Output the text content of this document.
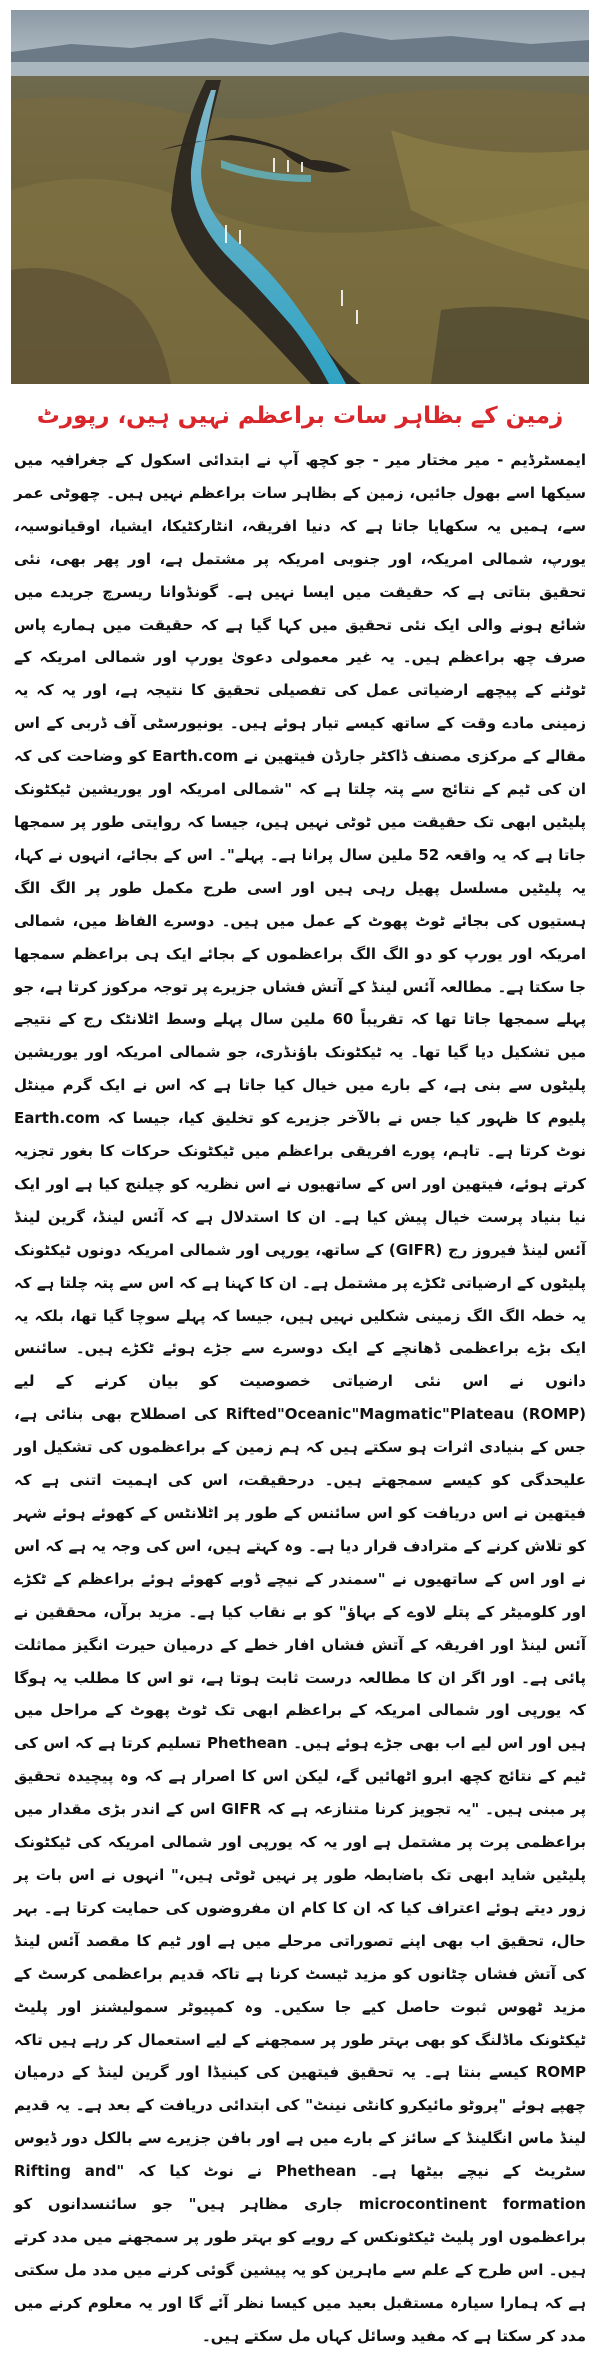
زمین کے بظاہر سات براعظم نہیں ہیں، رپورٹ

ایمسٹرڈیم - میر مختار میر - جو کچھ آپ نے ابتدائی اسکول کے جغرافیہ میں سیکھا اسے بھول جائیں، زمین کے بظاہر سات براعظم نہیں ہیں۔ چھوٹی عمر سے، ہمیں یہ سکھایا جاتا ہے کہ دنیا افریقہ، انٹارکٹیکا، ایشیا، اوقیانوسیہ، یورپ، شمالی امریکہ، اور جنوبی امریکہ پر مشتمل ہے، اور پھر بھی، نئی تحقیق بتاتی ہے کہ حقیقت میں ایسا نہیں ہے۔ گونڈوانا ریسرچ جریدے میں شائع ہونے والی ایک نئی تحقیق میں کہا گیا ہے کہ حقیقت میں ہمارے پاس صرف چھ براعظم ہیں۔ یہ غیر معمولی دعویٰ یورپ اور شمالی امریکہ کے ٹوٹنے کے پیچھے ارضیاتی عمل کی تفصیلی تحقیق کا نتیجہ ہے، اور یہ کہ یہ زمینی مادے وقت کے ساتھ کیسے تیار ہوئے ہیں۔ یونیورسٹی آف ڈربی کے اس مقالے کے مرکزی مصنف ڈاکٹر جارڈن فیتھین نے Earth.com کو وضاحت کی کہ ان کی ٹیم کے نتائج سے پتہ چلتا ہے کہ "شمالی امریکہ اور یوریشین ٹیکٹونک پلیٹیں ابھی تک حقیقت میں ٹوٹی نہیں ہیں، جیسا کہ روایتی طور پر سمجھا جاتا ہے کہ یہ واقعہ 52 ملین سال پرانا ہے۔ پہلے"۔ اس کے بجائے، انہوں نے کہا، یہ پلیٹیں مسلسل پھیل رہی ہیں اور اسی طرح مکمل طور پر الگ الگ ہستیوں کی بجائے ٹوٹ پھوٹ کے عمل میں ہیں۔ دوسرے الفاظ میں، شمالی امریکہ اور یورپ کو دو الگ الگ براعظموں کے بجائے ایک ہی براعظم سمجھا جا سکتا ہے۔ مطالعہ آئس لینڈ کے آتش فشاں جزیرے پر توجہ مرکوز کرتا ہے، جو پہلے سمجھا جاتا تھا کہ تقریباً 60 ملین سال پہلے وسط اٹلانٹک رج کے نتیجے میں تشکیل دیا گیا تھا۔ یہ ٹیکٹونک باؤنڈری، جو شمالی امریکہ اور یوریشین پلیٹوں سے بنی ہے، کے بارے میں خیال کیا جاتا ہے کہ اس نے ایک گرم مینٹل پلیوم کا ظہور کیا جس نے بالآخر جزیرے کو تخلیق کیا، جیسا کہ Earth.com نوٹ کرتا ہے۔ تاہم، پورے افریقی براعظم میں ٹیکٹونک حرکات کا بغور تجزیہ کرتے ہوئے، فیتھین اور اس کے ساتھیوں نے اس نظریہ کو چیلنج کیا ہے اور ایک نیا بنیاد پرست خیال پیش کیا ہے۔ ان کا استدلال ہے کہ آئس لینڈ، گرین لینڈ آئس لینڈ فیروز رج (GIFR) کے ساتھ، یورپی اور شمالی امریکہ دونوں ٹیکٹونک پلیٹوں کے ارضیاتی ٹکڑے پر مشتمل ہے۔ ان کا کہنا ہے کہ اس سے پتہ چلتا ہے کہ یہ خطہ الگ الگ زمینی شکلیں نہیں ہیں، جیسا کہ پہلے سوچا گیا تھا، بلکہ یہ ایک بڑے براعظمی ڈھانچے کے ایک دوسرے سے جڑے ہوئے ٹکڑے ہیں۔ سائنس دانوں نے اس نئی ارضیاتی خصوصیت کو بیان کرنے کے لیے Rifted"Oceanic"Magmatic"Plateau (ROMP) کی اصطلاح بھی بنائی ہے، جس کے بنیادی اثرات ہو سکتے ہیں کہ ہم زمین کے براعظموں کی تشکیل اور علیحدگی کو کیسے سمجھتے ہیں۔ درحقیقت، اس کی اہمیت اتنی ہے کہ فیتھین نے اس دریافت کو اس سائنس کے طور پر اٹلانٹس کے کھوئے ہوئے شہر کو تلاش کرنے کے مترادف قرار دیا ہے۔ وہ کہتے ہیں، اس کی وجہ یہ ہے کہ اس نے اور اس کے ساتھیوں نے "سمندر کے نیچے ڈوبے کھوئے ہوئے براعظم کے ٹکڑے اور کلومیٹر کے پتلے لاوے کے بہاؤ" کو بے نقاب کیا ہے۔ مزید برآں، محققین نے آئس لینڈ اور افریقہ کے آتش فشاں افار خطے کے درمیان حیرت انگیز مماثلت پائی ہے۔ اور اگر ان کا مطالعہ درست ثابت ہوتا ہے، تو اس کا مطلب یہ ہوگا کہ یورپی اور شمالی امریکہ کے براعظم ابھی تک ٹوٹ پھوٹ کے مراحل میں ہیں اور اس لیے اب بھی جڑے ہوئے ہیں۔ Phethean تسلیم کرتا ہے کہ اس کی ٹیم کے نتائج کچھ ابرو اٹھائیں گے، لیکن اس کا اصرار ہے کہ وہ پیچیدہ تحقیق پر مبنی ہیں۔ "یہ تجویز کرنا متنازعہ ہے کہ GIFR اس کے اندر بڑی مقدار میں براعظمی پرت پر مشتمل ہے اور یہ کہ یورپی اور شمالی امریکہ کی ٹیکٹونک پلیٹیں شاید ابھی تک باضابطہ طور پر نہیں ٹوٹی ہیں،" انہوں نے اس بات پر زور دیتے ہوئے اعتراف کیا کہ ان کا کام ان مفروضوں کی حمایت کرتا ہے۔ بہر حال، تحقیق اب بھی اپنے تصوراتی مرحلے میں ہے اور ٹیم کا مقصد آئس لینڈ کی آتش فشاں چٹانوں کو مزید ٹیسٹ کرنا ہے تاکہ قدیم براعظمی کرسٹ کے مزید ٹھوس ثبوت حاصل کیے جا سکیں۔ وہ کمپیوٹر سمولیشنز اور پلیٹ ٹیکٹونک ماڈلنگ کو بھی بہتر طور پر سمجھنے کے لیے استعمال کر رہے ہیں تاکہ ROMP کیسے بنتا ہے۔ یہ تحقیق فیتھین کی کینیڈا اور گرین لینڈ کے درمیان چھپے ہوئے "پروٹو مائیکرو کانٹی نینٹ" کی ابتدائی دریافت کے بعد ہے۔ یہ قدیم لینڈ ماس انگلینڈ کے سائز کے بارے میں ہے اور بافن جزیرے سے بالکل دور ڈیوس سٹریٹ کے نیچے بیٹھا ہے۔ Phethean نے نوٹ کیا کہ "Rifting and microcontinent formation جاری مظاہر ہیں" جو سائنسدانوں کو براعظموں اور پلیٹ ٹیکٹونکس کے رویے کو بہتر طور پر سمجھنے میں مدد کرتے ہیں۔ اس طرح کے علم سے ماہرین کو یہ پیشین گوئی کرنے میں مدد مل سکتی ہے کہ ہمارا سیارہ مستقبل بعید میں کیسا نظر آئے گا اور یہ معلوم کرنے میں مدد کر سکتا ہے کہ مفید وسائل کہاں مل سکتے ہیں۔
